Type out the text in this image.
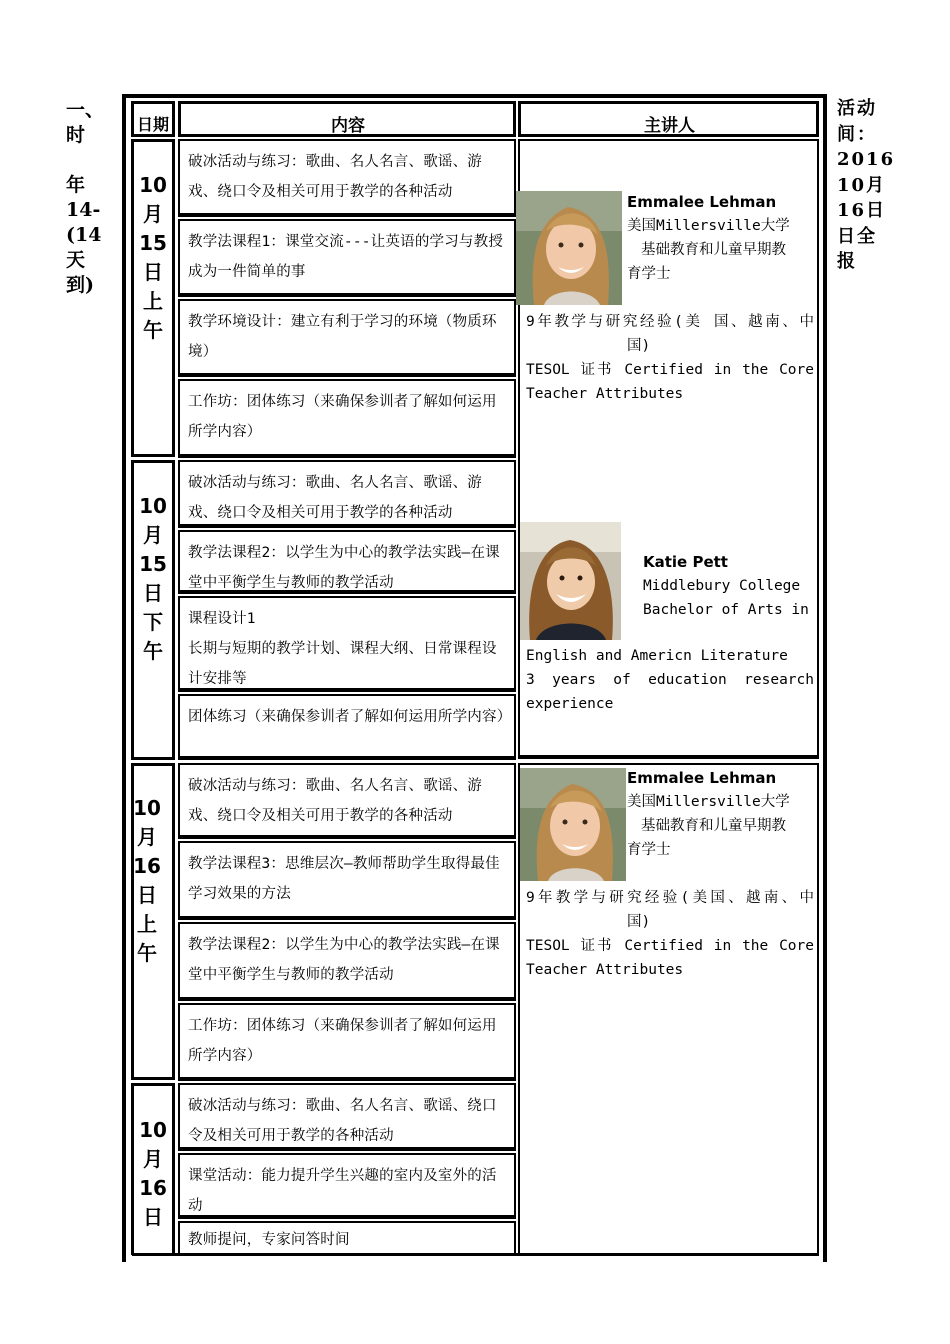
一、
时
年
14-
(14
天
到)
活动
间：
2016
10月
16日
日全
报
日期	内容	主讲人
10
月
15
日
上
午
10
月
15
日
下
午
10
月
16
日
上
午
10
月
16
日
破冰活动与练习：歌曲、名人名言、歌谣、游戏、绕口令及相关可用于教学的各种活动
教学法课程1：课堂交流---让英语的学习与教授成为一件简单的事
教学环境设计：建立有利于学习的环境（物质环境）
工作坊：团体练习（来确保参训者了解如何运用所学内容）
破冰活动与练习：歌曲、名人名言、歌谣、游戏、绕口令及相关可用于教学的各种活动
教学法课程2：以学生为中心的教学法实践—在课堂中平衡学生与教师的教学活动
课程设计1
长期与短期的教学计划、课程大纲、日常课程设计安排等
团体练习（来确保参训者了解如何运用所学内容）
破冰活动与练习：歌曲、名人名言、歌谣、游戏、绕口令及相关可用于教学的各种活动
教学法课程3：思维层次—教师帮助学生取得最佳学习效果的方法
教学法课程2：以学生为中心的教学法实践—在课堂中平衡学生与教师的教学活动
工作坊：团体练习（来确保参训者了解如何运用所学内容）
破冰活动与练习：歌曲、名人名言、歌谣、绕口令及相关可用于教学的各种活动
课堂活动：能力提升学生兴趣的室内及室外的活动
教师提问，专家问答时间
Emmalee Lehman
美国Millersville大学
基础教育和儿童早期教
育学士
9年教学与研究经验(美 国、越南、中
国)
TESOL 证书 Certified in the Core
Teacher Attributes
Katie Pett
Middlebury College
Bachelor of Arts in
English and Americn Literature
3 years of education research
experience
Emmalee Lehman
美国Millersville大学
基础教育和儿童早期教
育学士
9年教学与研究经验(美国、越南、中
国)
TESOL 证书 Certified in the Core
Teacher Attributes
